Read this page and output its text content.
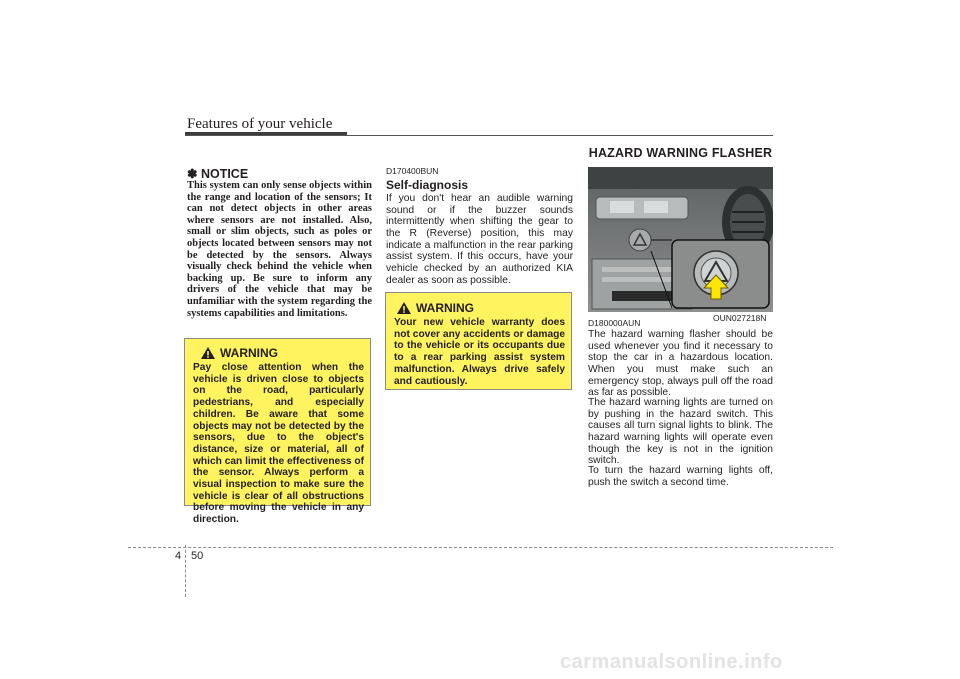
Features of your vehicle
✽ NOTICE
This system can only sense objects within the range and location of the sensors; It can not detect objects in other areas where sensors are not installed. Also, small or slim objects, such as poles or objects located between sensors may not be detected by the sensors. Always visually check behind the vehicle when backing up. Be sure to inform any drivers of the vehicle that may be unfamiliar with the system regarding the systems capabilities and limitations.
WARNING
Pay close attention when the vehicle is driven close to objects on the road, particularly pedestrians, and especially children. Be aware that some objects may not be detected by the sensors, due to the object's distance, size or material, all of which can limit the effectiveness of the sensor. Always perform a visual inspection to make sure the vehicle is clear of all obstructions before moving the vehicle in any direction.
D170400BUN
Self-diagnosis
If you don't hear an audible warning sound or if the buzzer sounds intermittently when shifting the gear to the R (Reverse) position, this may indicate a malfunction in the rear parking assist system. If this occurs, have your vehicle checked by an authorized KIA dealer as soon as possible.
WARNING
Your new vehicle warranty does not cover any accidents or damage to the vehicle or its occupants due to a rear parking assist system malfunction. Always drive safely and cautiously.
HAZARD WARNING FLASHER
OUN027218N
D180000AUN
The hazard warning flasher should be used whenever you find it necessary to stop the car in a hazardous location. When you must make such an emergency stop, always pull off the road as far as possible.
The hazard warning lights are turned on by pushing in the hazard switch. This causes all turn signal lights to blink. The hazard warning lights will operate even though the key is not in the ignition switch.
To turn the hazard warning lights off, push the switch a second time.
4 50
carmanualsonline.info
